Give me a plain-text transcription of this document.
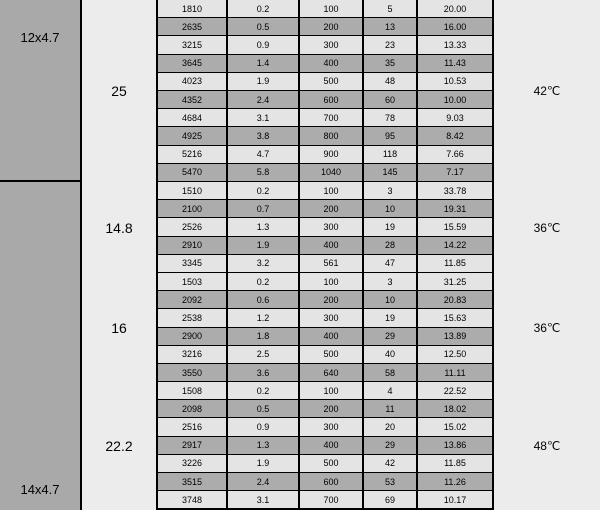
12x4.7
25	42℃
1810	0.2	100	5	20.00
2635	0.5	200	13	16.00
3215	0.9	300	23	13.33
3645	1.4	400	35	11.43
4023	1.9	500	48	10.53
4352	2.4	600	60	10.00
4684	3.1	700	78	9.03
4925	3.8	800	95	8.42
5216	4.7	900	118	7.66
5470	5.8	1040	145	7.17
14x4.7
14.8	36℃
1510	0.2	100	3	33.78
2100	0.7	200	10	19.31
2526	1.3	300	19	15.59
2910	1.9	400	28	14.22
3345	3.2	561	47	11.85
16	36℃
1503	0.2	100	3	31.25
2092	0.6	200	10	20.83
2538	1.2	300	19	15.63
2900	1.8	400	29	13.89
3216	2.5	500	40	12.50
3550	3.6	640	58	11.11
22.2	48℃
1508	0.2	100	4	22.52
2098	0.5	200	11	18.02
2516	0.9	300	20	15.02
2917	1.3	400	29	13.86
3226	1.9	500	42	11.85
3515	2.4	600	53	11.26
3748	3.1	700	69	10.17
